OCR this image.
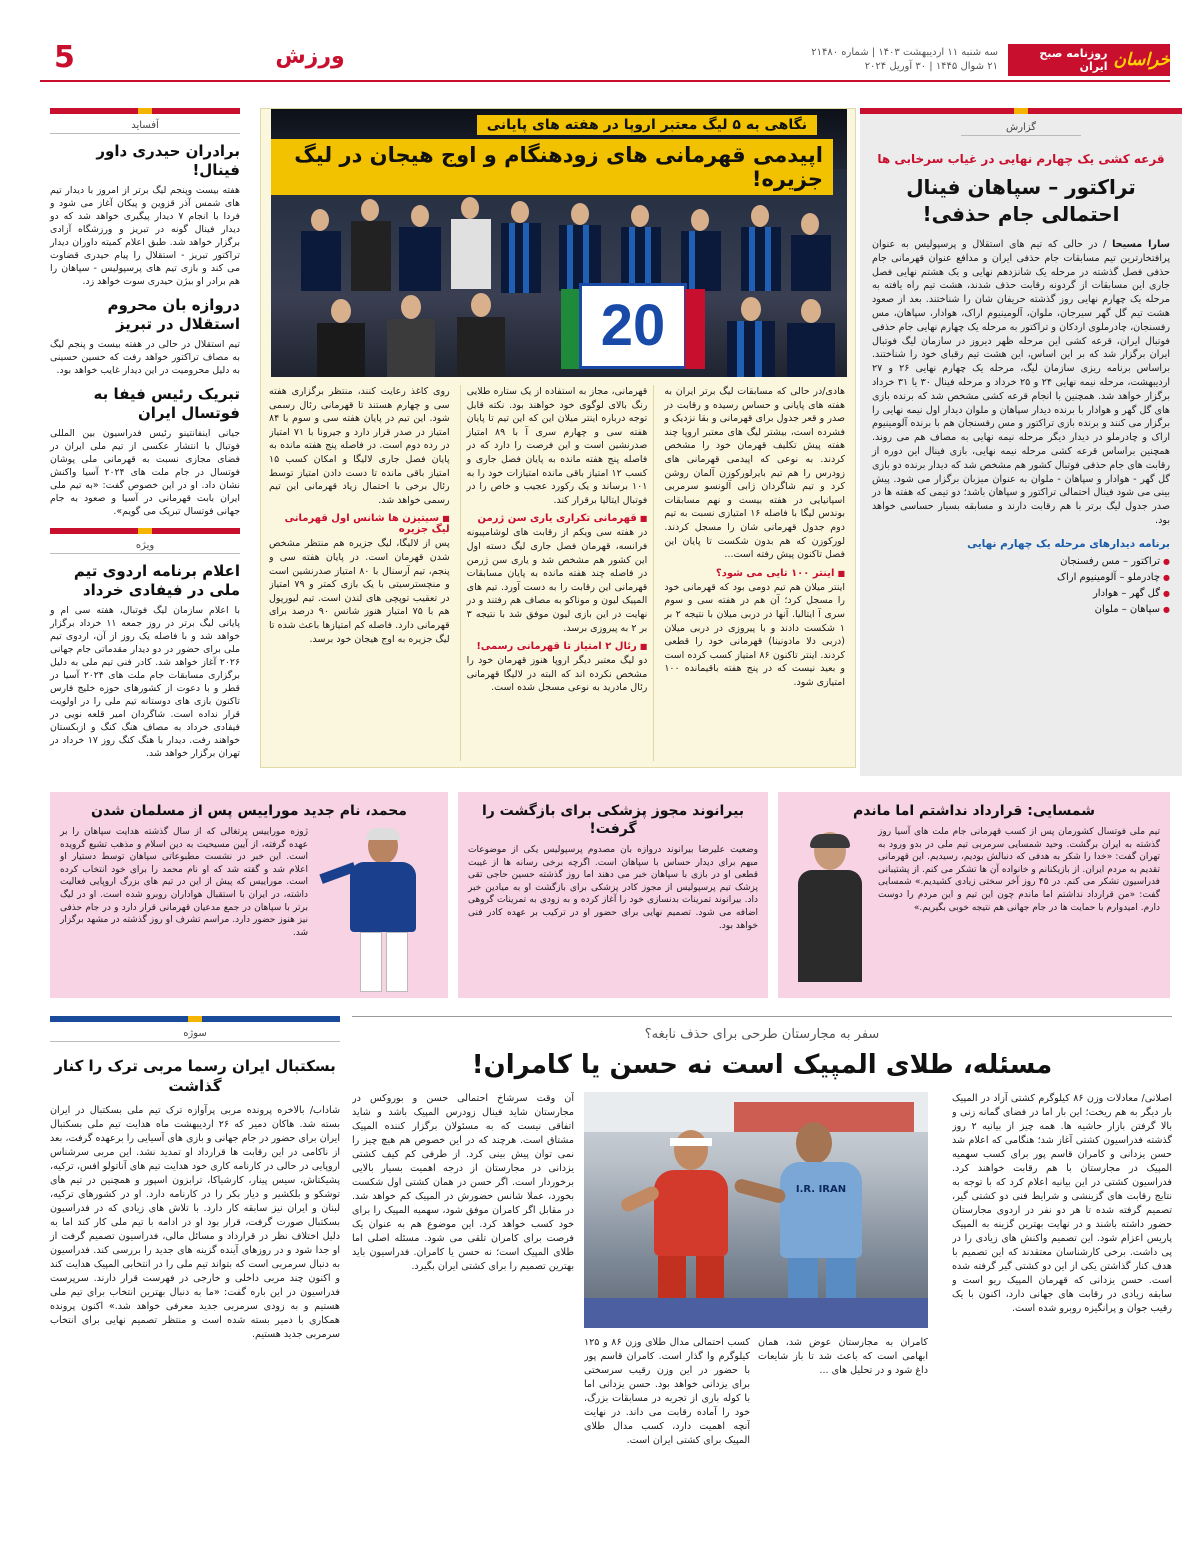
خراسان
روزنامه صبح ایران
سه شنبه ۱۱ اردیبهشت ۱۴۰۳ | شماره ۲۱۴۸۰
۲۱ شوال ۱۴۴۵ | ۳۰ آوریل ۲۰۲۴
ورزش
5
گزارش
قرعه کشی یک چهارم نهایی در غیاب سرخابی ها
تراکتور – سپاهان فینال احتمالی جام حذفی!
سارا مسیحا / در حالی که تیم های استقلال و پرسپولیس به عنوان پرافتخارترین تیم مسابقات جام حذفی ایران و مدافع عنوان قهرمانی جام حذفی فصل گذشته در مرحله یک شانزدهم نهایی و یک هشتم نهایی فصل جاری این مسابقات از گردونه رقابت حذف شدند، هشت تیم راه یافته به مرحله یک چهارم نهایی روز گذشته حریفان شان را شناختند. بعد از صعود هشت تیم گل گهر سیرجان، ملوان، آلومینیوم اراک، هوادار، سپاهان، مس رفسنجان، چادرملوی اردکان و تراکتور به مرحله یک چهارم نهایی جام حذفی فوتبال ایران، قرعه کشی این مرحله ظهر دیروز در سازمان لیگ فوتبال ایران برگزار شد که بر این اساس، این هشت تیم رقبای خود را شناختند. براساس برنامه ریزی سازمان لیگ، مرحله یک چهارم نهایی ۲۶ و ۲۷ اردیبهشت، مرحله نیمه نهایی ۲۴ و ۲۵ خرداد و مرحله فینال ۳۰ یا ۳۱ خرداد برگزار خواهد شد. همچنین با انجام قرعه کشی مشخص شد که برنده بازی های گل گهر و هوادار با برنده دیدار سپاهان و ملوان دیدار اول نیمه نهایی را برگزار می کنند و برنده بازی تراکتور و مس رفسنجان هم با برنده آلومینیوم اراک و چادرملو در دیدار دیگر مرحله نیمه نهایی به مصاف هم می روند. همچنین براساس قرعه کشی مرحله نیمه نهایی، بازی فینال این دوره از رقابت های جام حذفی فوتبال کشور هم مشخص شد که دیدار برنده دو بازی گل گهر - هوادار و سپاهان - ملوان به عنوان میزبان برگزار می شود. پیش بینی می شود فینال احتمالی تراکتور و سپاهان باشد؛ دو تیمی که هفته ها در صدر جدول لیگ برتر با هم رقابت دارند و مسابقه بسیار حساسی خواهد بود.
برنامه دیدارهای مرحله یک چهارم نهایی
●تراکتور – مس رفسنجان
●چادرملو – آلومینیوم اراک
●گل گهر – هوادار
●سپاهان – ملوان
20
نگاهی به ۵ لیگ معتبر اروپا در هفته های پایانی
اپیدمی قهرمانی های زودهنگام و اوج هیجان در لیگ جزیره!
هادی/در حالی که مسابقات لیگ برتر ایران به هفته های پایانی و حساس رسیده و رقابت در صدر و قعر جدول برای قهرمانی و بقا نزدیک و فشرده است، بیشتر لیگ های معتبر اروپا چند هفته پیش تکلیف قهرمان خود را مشخص کردند. به نوعی که اپیدمی قهرمانی های زودرس را هم تیم بایرلورکوزن آلمان روشن کرد و تیم شاگردان ژابی آلونسو سرمربی اسپانیایی در هفته بیست و نهم مسابقات بوندس لیگا با فاصله ۱۶ امتیازی نسبت به تیم دوم جدول قهرمانی شان را مسجل کردند. لورکوزن که هم بدون شکست تا پایان این فصل تاکنون پیش رفته است...
■اینتر ۱۰۰ تایی می شود؟
اینتر میلان هم تیم دومی بود که قهرمانی خود را مسجل کرد؛ آن هم در هفته سی و سوم سری آ ایتالیا. آنها در دربی میلان با نتیجه ۲ بر ۱ شکست دادند و با پیروزی در دربی میلان (دربی دلا مادونینا) قهرمانی خود را قطعی کردند. اینتر تاکنون ۸۶ امتیاز کسب کرده است و بعید نیست که در پنج هفته باقیمانده ۱۰۰ امتیازی شود.
قهرمانی، مجاز به استفاده از یک ستاره طلایی رنگ بالای لوگوی خود خواهند بود. نکته قابل توجه درباره اینتر میلان این که این تیم تا پایان هفته سی و چهارم سری آ با ۸۹ امتیاز صدرنشین است و این فرصت را دارد که در فاصله پنج هفته مانده به پایان فصل جاری و کسب ۱۲ امتیاز باقی مانده امتیازات خود را به ۱۰۱ برساند و یک رکورد عجیب و خاص را در فوتبال ایتالیا برقرار کند.
■قهرمانی تکراری یاری سن ژرمن
در هفته سی ویکم از رقابت های لوشامپیونه فرانسه، قهرمان فصل جاری لیگ دسته اول این کشور هم مشخص شد و یاری سن ژرمن در فاصله چند هفته مانده به پایان مسابقات قهرمانی این رقابت را به دست آورد. تیم های المپیک لیون و موناکو به مصاف هم رفتند و در نهایت در این بازی لیون موفق شد با نتیجه ۳ بر ۲ به پیروزی برسد.
■رئال ۲ امتیاز تا قهرمانی رسمی!
دو لیگ معتبر دیگر اروپا هنوز قهرمان خود را مشخص نکرده اند که البته در لالیگا قهرمانی رئال مادرید به نوعی مسجل شده است.
روی کاغذ رعایت کنند، منتظر برگزاری هفته سی و چهارم هستند تا قهرمانی رئال رسمی شود. این تیم در پایان هفته سی و سوم با ۸۴ امتیاز در صدر قرار دارد و جیرونا با ۷۱ امتیاز در رده دوم است. در فاصله پنج هفته مانده به پایان فصل جاری لالیگا و امکان کسب ۱۵ امتیاز باقی مانده تا دست دادن امتیاز توسط رئال برخی با احتمال زیاد قهرمانی این تیم رسمی خواهد شد.
■سیتیزن ها شانس اول قهرمانی لیگ جزیره
پس از لالیگا، لیگ جزیره هم منتظر مشخص شدن قهرمان است. در پایان هفته سی و پنجم، تیم آرسنال با ۸۰ امتیاز صدرنشین است و منچسترسیتی با یک بازی کمتر و ۷۹ امتیاز در تعقیب توپچی های لندن است. تیم لیورپول هم با ۷۵ امتیاز هنوز شانس ۹۰ درصد برای قهرمانی دارد. فاصله کم امتیازها باعث شده تا لیگ جزیره به اوج هیجان خود برسد.
آفساید
برادران حیدری داور فینال!
هفته بیست وپنجم لیگ برتر از امروز با دیدار تیم های شمس آذر قزوین و پیکان آغاز می شود و فردا با انجام ۷ دیدار پیگیری خواهد شد که دو دیدار فینال گونه در تبریز و ورزشگاه آزادی برگزار خواهد شد. طبق اعلام کمیته داوران دیدار تراکتور تبریز - استقلال را پیام حیدری قضاوت می کند و بازی تیم های پرسپولیس - سپاهان را هم برادر او بیژن حیدری سوت خواهد زد.
دروازه بان محروم استقلال در تبریز
تیم استقلال در حالی در هفته بیست و پنجم لیگ به مصاف تراکتور خواهد رفت که حسین حسینی به دلیل محرومیت در این دیدار غایب خواهد بود.
تبریک رئیس فیفا به فوتسال ایران
جیانی اینفانتینو رئیس فدراسیون بین المللی فوتبال با انتشار عکسی از تیم ملی ایران در فضای مجازی نسبت به قهرمانی ملی پوشان فوتسال در جام ملت های ۲۰۲۴ آسیا واکنش نشان داد. او در این خصوص گفت: «به تیم ملی ایران بابت قهرمانی در آسیا و صعود به جام جهانی فوتسال تبریک می گویم».
ویژه
اعلام برنامه اردوی تیم ملی در فیفادی خرداد
با اعلام سازمان لیگ فوتبال، هفته سی ام و پایانی لیگ برتر در روز جمعه ۱۱ خرداد برگزار خواهد شد و با فاصله یک روز از آن، اردوی تیم ملی برای حضور در دو دیدار مقدماتی جام جهانی ۲۰۲۶ آغاز خواهد شد. کادر فنی تیم ملی به دلیل برگزاری مسابقات جام ملت های ۲۰۲۴ آسیا در قطر و با دعوت از کشورهای حوزه خلیج فارس تاکنون بازی های دوستانه تیم ملی را در اولویت قرار نداده است. شاگردان امیر قلعه نویی در فیفادی خرداد به مصاف هنگ کنگ و ازبکستان خواهند رفت. دیدار با هنگ کنگ روز ۱۷ خرداد در تهران برگزار خواهد شد.
شمسایی: قرارداد نداشتم اما ماندم
تیم ملی فوتسال کشورمان پس از کسب قهرمانی جام ملت های آسیا روز گذشته به ایران برگشت. وحید شمسایی سرمربی تیم ملی در بدو ورود به تهران گفت: «خدا را شکر به هدفی که دنبالش بودیم، رسیدیم. این قهرمانی تقدیم به مردم ایران. از بازیکنانم و خانواده آن ها تشکر می کنم. از پشتیبانی فدراسیون تشکر می کنم. در ۴۵ روز آخر سختی زیادی کشیدیم.» شمسایی گفت: «من قرارداد نداشتم اما ماندم چون این تیم و این مردم را دوست دارم. امیدوارم با حمایت ها در جام جهانی هم نتیجه خوبی بگیریم.»
بیرانوند مجوز پزشکی برای بازگشت را گرفت!
وضعیت علیرضا بیرانوند دروازه بان مصدوم پرسپولیس یکی از موضوعات مبهم برای دیدار حساس با سپاهان است. اگرچه برخی رسانه ها از غیبت قطعی او در بازی با سپاهان خبر می دهند اما روز گذشته حسین حاجی تقی پزشک تیم پرسپولیس از مجوز کادر پزشکی برای بازگشت او به میادین خبر داد. بیرانوند تمرینات بدنسازی خود را آغاز کرده و به زودی به تمرینات گروهی اضافه می شود. تصمیم نهایی برای حضور او در ترکیب بر عهده کادر فنی خواهد بود.
محمد، نام جدید موراییس پس از مسلمان شدن
ژوزه موراییس پرتغالی که از سال گذشته هدایت سپاهان را بر عهده گرفته، از آیین مسیحیت به دین اسلام و مذهب تشیع گرویده است. این خبر در نشست مطبوعاتی سپاهان توسط دستیار او اعلام شد و گفته شد که او نام محمد را برای خود انتخاب کرده است. موراییس که پیش از این در تیم های بزرگ اروپایی فعالیت داشته، در ایران با استقبال هواداران روبرو شده است. او در لیگ برتر با سپاهان در جمع مدعیان قهرمانی قرار دارد و در جام حذفی نیز هنوز حضور دارد. مراسم تشرف او روز گذشته در مشهد برگزار شد.
سوژه
بسکتبال ایران رسما مربی ترک را کنار گذاشت
شاداب/ بالاخره پرونده مربی پرآوازه ترک تیم ملی بسکتبال در ایران بسته شد. هاکان دمیر که ۲۶ اردیبهشت ماه هدایت تیم ملی بسکتبال ایران برای حضور در جام جهانی و بازی های آسیایی را برعهده گرفت، بعد از ناکامی در این رقابت ها قرارداد او تمدید نشد. این مربی سرشناس اروپایی در حالی در کارنامه کاری خود هدایت تیم های آناتولو افس، ترکیه، پشیکتاش، سیس پینار، کارشیاکا، ترابزون اسپور و همچنین در تیم های توشکو و بلکشیر و دیار بکر را در کارنامه دارد. او در کشورهای ترکیه، لبنان و ایران نیز سابقه کار دارد. با تلاش های زیادی که در فدراسیون بسکتبال صورت گرفت، قرار بود او در ادامه با تیم ملی کار کند اما به دلیل اختلاف نظر در قرارداد و مسائل مالی، فدراسیون تصمیم گرفت از او جدا شود و در روزهای آینده گزینه های جدید را بررسی کند. فدراسیون به دنبال سرمربی است که بتواند تیم ملی را در انتخابی المپیک هدایت کند و اکنون چند مربی داخلی و خارجی در فهرست قرار دارند. سرپرست فدراسیون در این باره گفت: «ما به دنبال بهترین انتخاب برای تیم ملی هستیم و به زودی سرمربی جدید معرفی خواهد شد.» اکنون پرونده همکاری با دمیر بسته شده است و منتظر تصمیم نهایی برای انتخاب سرمربی جدید هستیم.
سفر به مجارستان طرحی برای حذف نابغه؟
مسئله، طلای المپیک است نه حسن یا کامران!
I.R. IRAN
اصلانی/ معادلات وزن ۸۶ کیلوگرم کشتی آزاد در المپیک بار دیگر به هم ریخت؛ این بار اما در فضای گمانه زنی و بالا گرفتن بازار حاشیه ها. همه چیز از بیانیه ۲ روز گذشته فدراسیون کشتی آغاز شد؛ هنگامی که اعلام شد حسن یزدانی و کامران قاسم پور برای کسب سهمیه المپیک در مجارستان با هم رقابت خواهند کرد. فدراسیون کشتی در این بیانیه اعلام کرد که با توجه به نتایج رقابت های گزینشی و شرایط فنی دو کشتی گیر، تصمیم گرفته شده تا هر دو نفر در اردوی مجارستان حضور داشته باشند و در نهایت بهترین گزینه به المپیک پاریس اعزام شود. این تصمیم واکنش های زیادی را در پی داشت. برخی کارشناسان معتقدند که این تصمیم با هدف کنار گذاشتن یکی از این دو کشتی گیر گرفته شده است. حسن یزدانی که قهرمان المپیک ریو است و سابقه زیادی در رقابت های جهانی دارد، اکنون با یک رقیب جوان و پرانگیزه روبرو شده است.
آن وقت سرشاخ احتمالی حسن و بوروکس در مجارستان شاید فینال زودرس المپیک باشد و شاید اتفاقی نیست که به مسئولان برگزار کننده المپیک مشتاق است. هرچند که در این خصوص هم هیچ چیز را نمی توان پیش بینی کرد. از طرفی کم کیف کشتی یزدانی در مجارستان از درجه اهمیت بسیار بالایی برخوردار است. اگر حسن در همان کشتی اول شکست بخورد، عملا شانس حضورش در المپیک کم خواهد شد. در مقابل اگر کامران موفق شود، سهمیه المپیک را برای خود کسب خواهد کرد. این موضوع هم به عنوان یک فرصت برای کامران تلقی می شود. مسئله اصلی اما طلای المپیک است؛ نه حسن یا کامران. فدراسیون باید بهترین تصمیم را برای کشتی ایران بگیرد.
کامران به مجارستان عوض شد، همان ابهامی است که باعث شد تا باز شایعات داغ شود و در تحلیل های ...
کسب احتمالی مدال طلای وزن ۸۶ و ۱۲۵ کیلوگرم وا گذار است. کامران قاسم پور با حضور در این وزن رقیب سرسختی برای یزدانی خواهد بود. حسن یزدانی اما با کوله باری از تجربه در مسابقات بزرگ، خود را آماده رقابت می داند. در نهایت آنچه اهمیت دارد، کسب مدال طلای المپیک برای کشتی ایران است.
